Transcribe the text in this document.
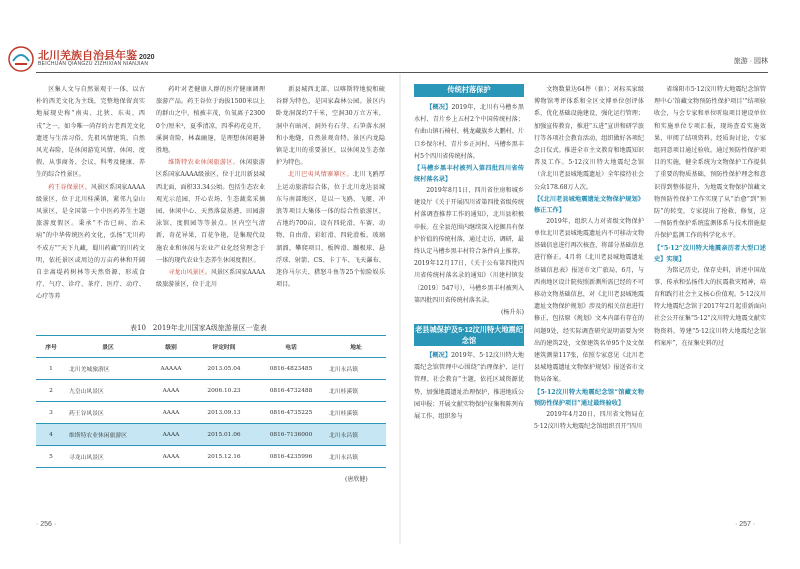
北川羌族自治县年鉴 2020
BEICHUAN QIANGZU ZIZHIXIAN NIANJIAN	旅游 · 园林

区集人文与自然景观于一体，以古朴的西羌文化为主线，完整地保留真实地展现史称“南夷、北狄、东夷、西戎”之一，如今唯一尚存的古老西羌文化遗迹与生活习俗，先祖风情建筑、自然风光春险，是休闲游览风情、休闲、度假、从事商务、会议、科考及健康、养生的综合性景区。

药王谷保景区。风景区系国家AAAA级景区，位于北川桂溪镇，紧邻九皇山风景区，是全国第一个中医药养生主题旅游度假区。秉承“不治已病、治未病”的中华传统医药文化，弘扬“无川药不成方”“天下九藏，蜀川药藏”的川药文明，依托景区或周边的万亩药林和开阔自幸离堤药树林等天然资源，形成食疗、气疗、诊疗、茶疗、医疗、动疗、心疗等养

药叶对老健康人群的医疗健康调理旅游产品。药王谷位于海拔1500米以上的群山之中，植被丰茂，负氧离子23000个/厘米³，夏季清凉，四季药花竞开，溪涧奇险，林森幽邃，是理想休闲避暑胜地。

维斯特农业休闲旅游区。休闲旅游区系国家AAAA级景区，位于北川新县城西北面，面积33.34公顷。包括生态农业观光示范园、开心农场、生态蔬菜采摘园、休闲中心、天然落鼠基港、田园游泳馆、度假园等等景点。区内空气清新，奇花异果，百花争艳，是集现代设施农业和休闲与农业产业化经营理念于一体的现代农业生态养生休闲度假区。

寻龙山风景区。风景区系国家AAAA级旅游景区，位于北川

新县城西北部，以喀斯特地貌和硫谷群为特色，是国家森林公园。景区内卧龙洞深约7千米，空洞30万立方米，洞中有暗河，洞外有石芽、石笋落水洞和小地缝，自然景观奇特。景区内龙隐镇是北川的重要景区，以休闲及生态保护为特色。

北川巴夷风情寨寨区。北川飞鸥厚上运动旅游综合体，位于北川龙达县城东与南部地区，是以一飞鸥、飞艇、冲浪等项目大集体一体的综合性旅游区，占地约700亩，设有四轮滑、车赛、动物、自由滑、彩虹滑、四轮滑板、玻璃溜溜、攀爬项目、板牌滑、蹦极球、悬浮球、射箭、CS、卡丁车、飞天瀑布、迷你马尔夫、猎怒斗鱼等25个惊险娱乐项目。

表10　2019年北川国家A级旅游景区一览表
序号	景区	级别	评定时间	电话	地址
1	北川羌城旅游区	AAAAA	2013.05.04	0816-4823485	北川永昌镇
2	九皇山风景区	AAAA	2006.10.23	0816-4732488	北川桂溪镇
3	药王谷风景区	AAAA	2013.09.13	0816-4735225	北川桂溪镇
4	维斯特农业休闲旅游区	AAAA	2015.01.06	0816-7136000	北川永昌镇
5	寻龙山风景区	AAAA	2015.12.16	0816-4235996	北川永昌镇
(唐欣健)
· 256 ·	· 257 ·
传统村落保护

【概况】2019年，北川有马槽乡黑水村、青片乡上五村2个中国传统村落；有曲山镇石椅村、桃龙藏族乡大鹏村、片口乡保尔村、青片乡正河村、马槽乡黑丰村5个四川省传统村落。

【马槽乡黑丰村被列入第四批四川省传统村落名录】

2019年8月1日，四川省住房和城乡建设厅《关于开展四川省第四批省级传统村落调查推荐工作的通知》，北川县积极申报。在全县范围内继续深入挖掘具有保护价值的传统村落，通过走访，调研，最终认定马槽乡黑丰村符合条件向上推荐。2019年12月17日，《关于公布第四批四川省传统村落名录的通知》（川建村镇发〔2019〕547号），马槽乡黑丰村被列入第四批四川省传统村落名录。

(杨升东)

老县城保护及5·12汶川特大地震纪念馆

【概况】2019年，5·12汶川特大地震纪念馆管理中心围绕“治理保护、运行管理、社会教育”主题，依托区域资源优势，加强地震遗址治理保护，推进地质公园申报；开展文献实物保护征集和陈列布展工作，组织参与

文物数量达64件（套）；对标买家级博物馆考评体系和全区文博单位创评体系，优化基础设施建设，强化运行管理；加强宣传教育，推进“五进”宣讲和研学旅行等各项社会教育活动，组织做好各项纪念日仪式。推进全市主文教育和地震知识普及工作。5·12汶川特大地震纪念馆（含北川老县城地震遗址）全年接待社会公众178.68万人次。

【《北川老县城地震遗址文物保护规划》修正工作】

2019年，组织人力对省级文物保护单位北川老县城地震遗址内不可移动文物基础信息进行再次核查，将部分基础信息进行修正。4月将《北川老县城地震遗址基础信息表》报送市文广旅局，6月，与西南地区设计院按照新测所需已经的不可移动文物基础信息，对《北川老县城地震遗址文物保护规划》涉及的相关信息进行修正，包括原《规划》文本内部有存在的问题9处，经实际调查研究说明需要为突出的建筑2处，文保建筑名单95个及文保建筑测量117张，依照专家意见《北川老县城地震遗址文物保护规划》报送省市文物局备案。

【5·12汶川特大地震纪念馆“馆藏文物预防性保护项目”通过最终验收】

2019年4月20日，四川省文物局在5·12汶川特大地震纪念馆组织召开“四川

省绵阳市5·12汶川特大地震纪念馆管理中心‘馆藏文物预防性保护项目’”结项验收会，与会专家和单位听取项目建设单位和实施单位专项汇报，现场查看实施效果，审阅了结项资料，经质询讨论，专家组同意项目通过验收。通过预防性保护项目的实施，健全系统为文物保护工作提供了重要的物质基础，预防性保护理念和意识得到整体提升，为地震文物保护馆藏文物预防性保护工作实现了从“治愈”到“预防”的转变，专家提出了抢救、修复，这一预防性保护系统监测体系与技术措施提升保护监测工作的科学化水平。

【“5·12”汶川特大地震亲历者大型口述史】实现】

为铭记历史，保存史料，讲述中国故事、传承和弘扬伟大的抗震救灾精神，培育和践行社会主义核心价值观。5·12汶川特大地震纪念馆于2017年2月起重新面向社会公开征集“5·12”汶川特大地震文献实物资料，筹建“5·12汶川特大地震纪念馆档案库”，在征集史料的过
